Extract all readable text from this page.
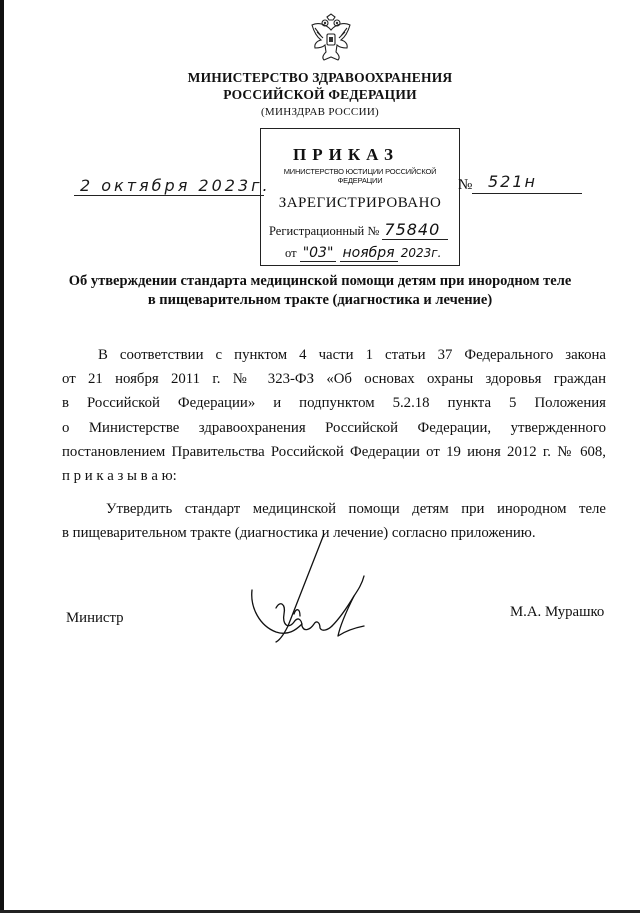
МИНИСТЕРСТВО ЗДРАВООХРАНЕНИЯ
РОССИЙСКОЙ ФЕДЕРАЦИИ
(МИНЗДРАВ РОССИИ)
МИНИСТЕРСТВО ЮСТИЦИИ РОССИЙСКОЙ ФЕДЕРАЦИИ
ЗАРЕГИСТРИРОВАНО
Регистрационный № 75840
от "03" ноября 2023г.
ПРИКАЗ
2 октября 2023г.	№ 521н
Об утверждении стандарта медицинской помощи детям при инородном теле
в пищеварительном тракте (диагностика и лечение)
В соответствии с пунктом 4 части 1 статьи 37 Федерального закона
от 21 ноября 2011 г. № 323-ФЗ «Об основах охраны здоровья граждан
в Российской Федерации» и подпунктом 5.2.18 пункта 5 Положения
о Министерстве здравоохранения Российской Федерации, утвержденного
постановлением Правительства Российской Федерации от 19 июня 2012 г. № 608,
п р и к а з ы в а ю:
Утвердить стандарт медицинской помощи детям при инородном теле
в пищеварительном тракте (диагностика и лечение) согласно приложению.
Министр	М.А. Мурашко
